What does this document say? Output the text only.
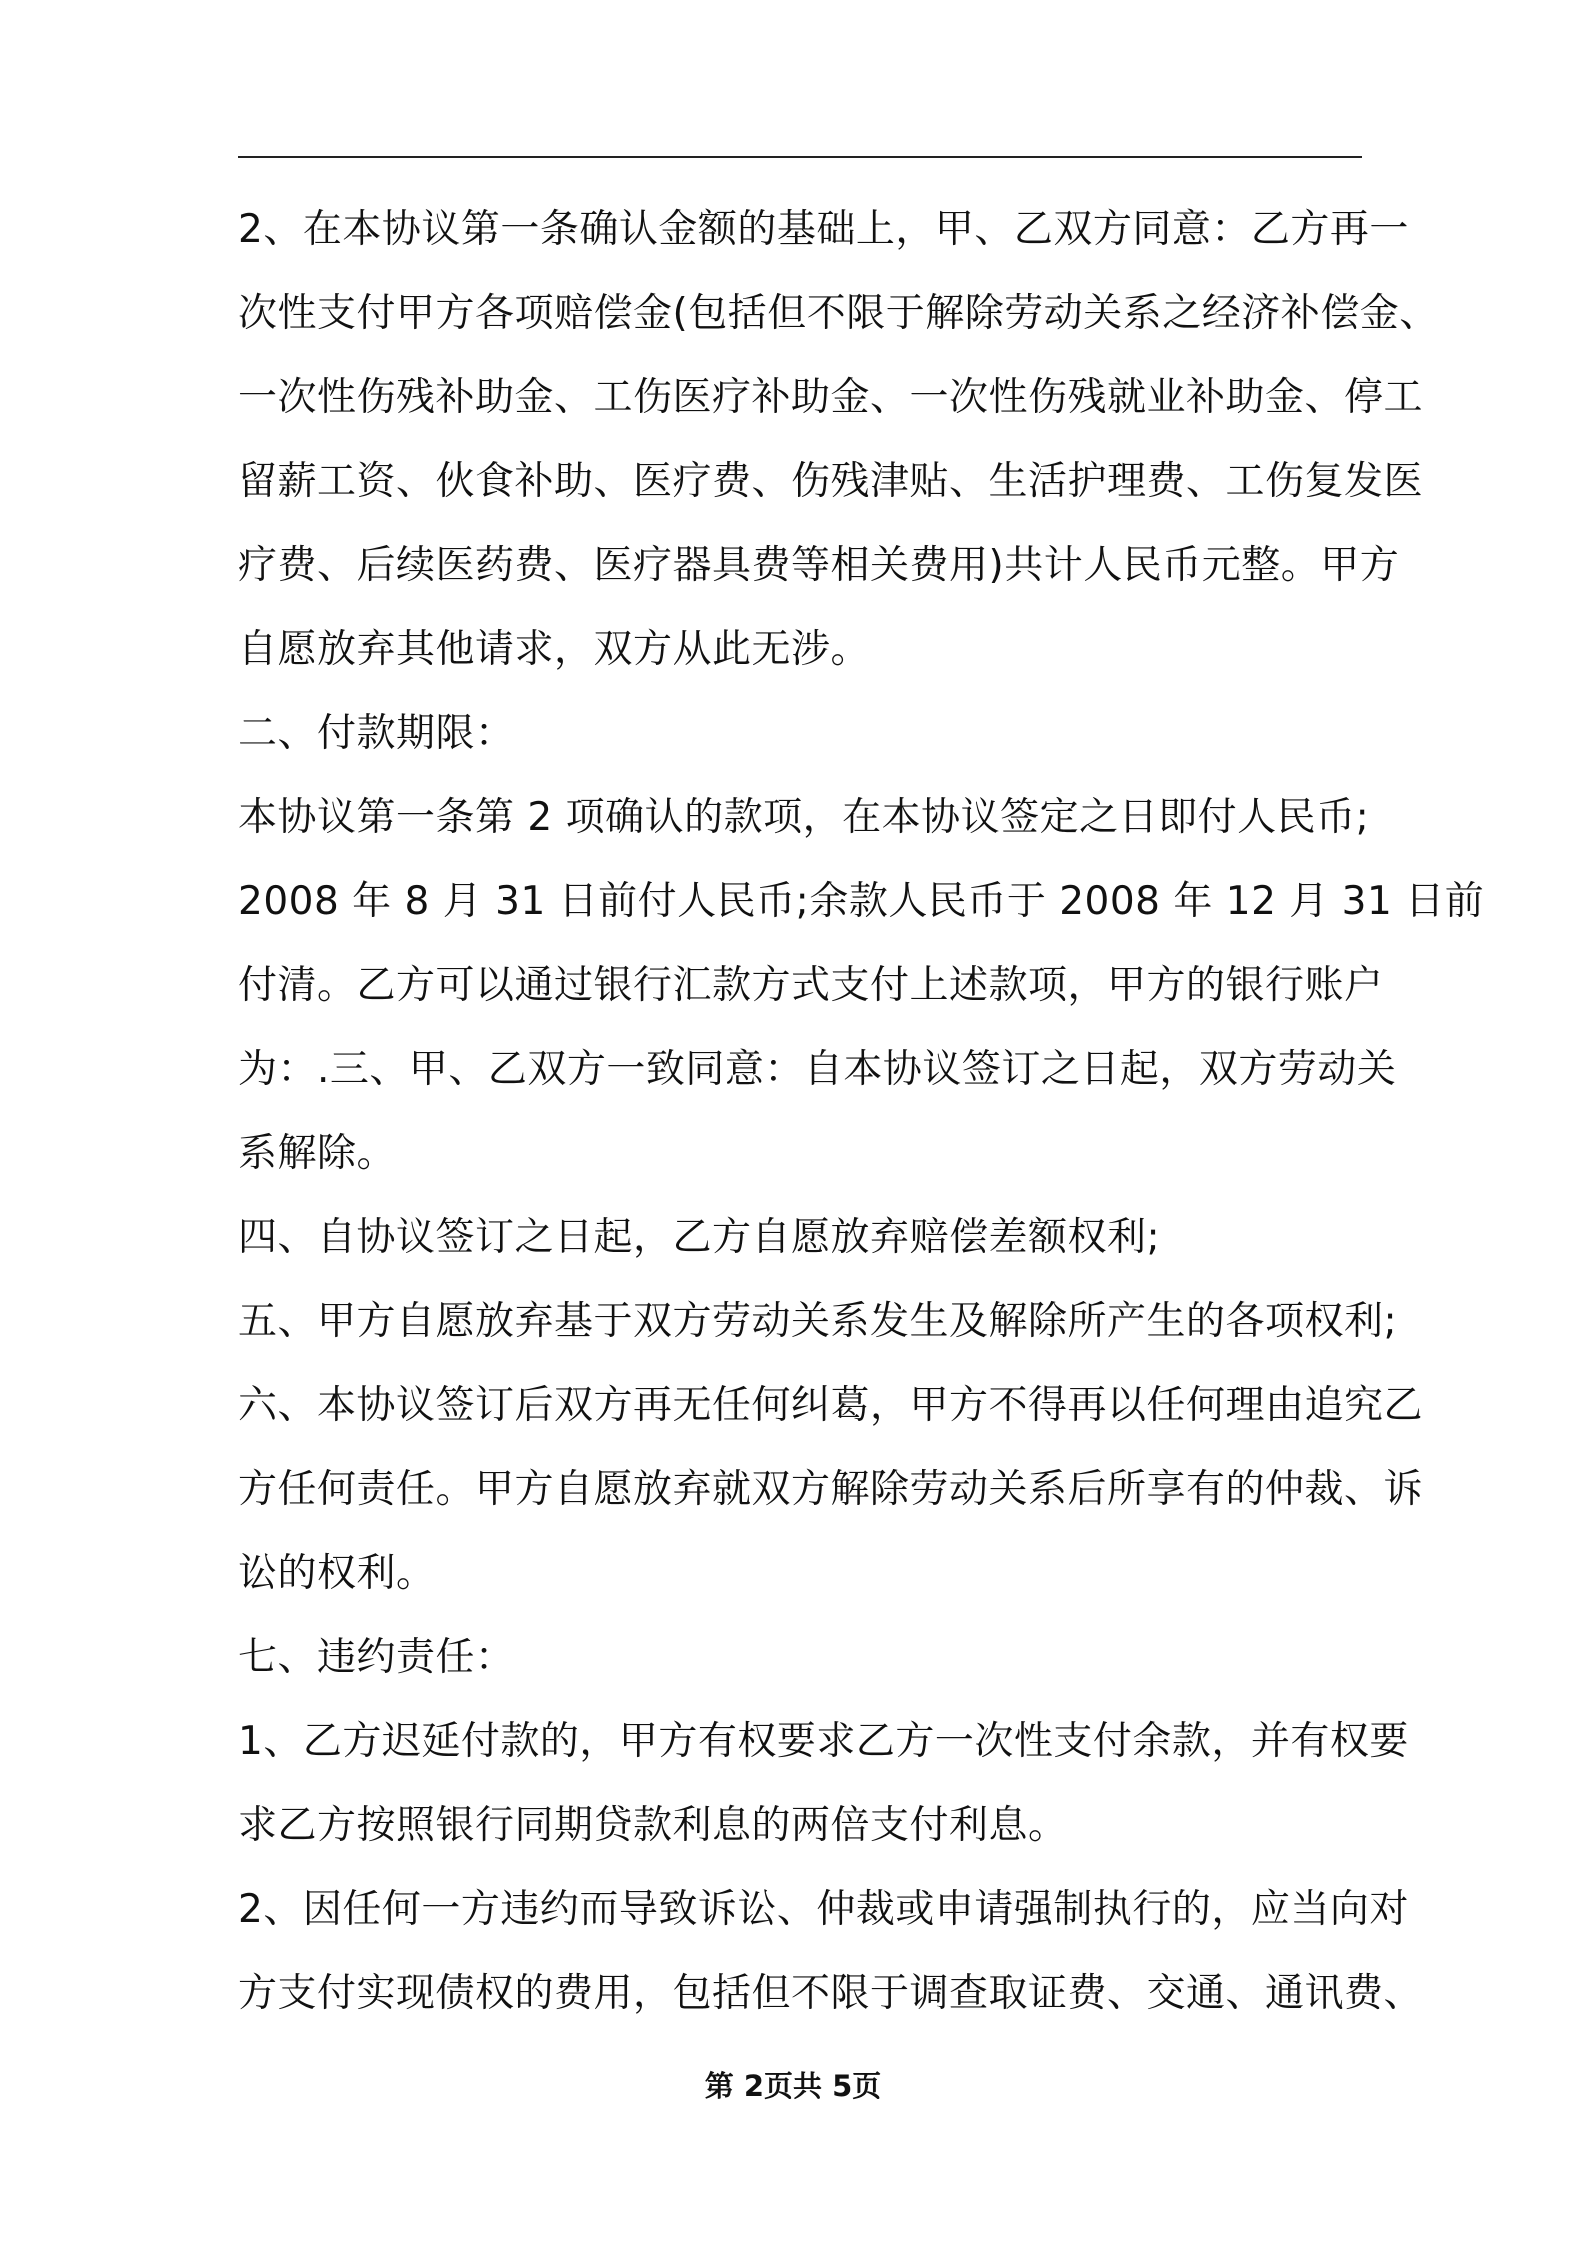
2、在本协议第一条确认金额的基础上，甲、乙双方同意：乙方再一
次性支付甲方各项赔偿金(包括但不限于解除劳动关系之经济补偿金、
一次性伤残补助金、工伤医疗补助金、一次性伤残就业补助金、停工
留薪工资、伙食补助、医疗费、伤残津贴、生活护理费、工伤复发医
疗费、后续医药费、医疗器具费等相关费用)共计人民币元整。甲方
自愿放弃其他请求，双方从此无涉。
二、付款期限：
本协议第一条第 2 项确认的款项，在本协议签定之日即付人民币;
2008 年 8 月 31 日前付人民币;余款人民币于 2008 年 12 月 31 日前
付清。乙方可以通过银行汇款方式支付上述款项，甲方的银行账户
为：.三、甲、乙双方一致同意：自本协议签订之日起，双方劳动关
系解除。
四、自协议签订之日起，乙方自愿放弃赔偿差额权利;
五、甲方自愿放弃基于双方劳动关系发生及解除所产生的各项权利;
六、本协议签订后双方再无任何纠葛，甲方不得再以任何理由追究乙
方任何责任。甲方自愿放弃就双方解除劳动关系后所享有的仲裁、诉
讼的权利。
七、违约责任：
1、乙方迟延付款的，甲方有权要求乙方一次性支付余款，并有权要
求乙方按照银行同期贷款利息的两倍支付利息。
2、因任何一方违约而导致诉讼、仲裁或申请强制执行的，应当向对
方支付实现债权的费用，包括但不限于调查取证费、交通、通讯费、
第 2页共 5页
